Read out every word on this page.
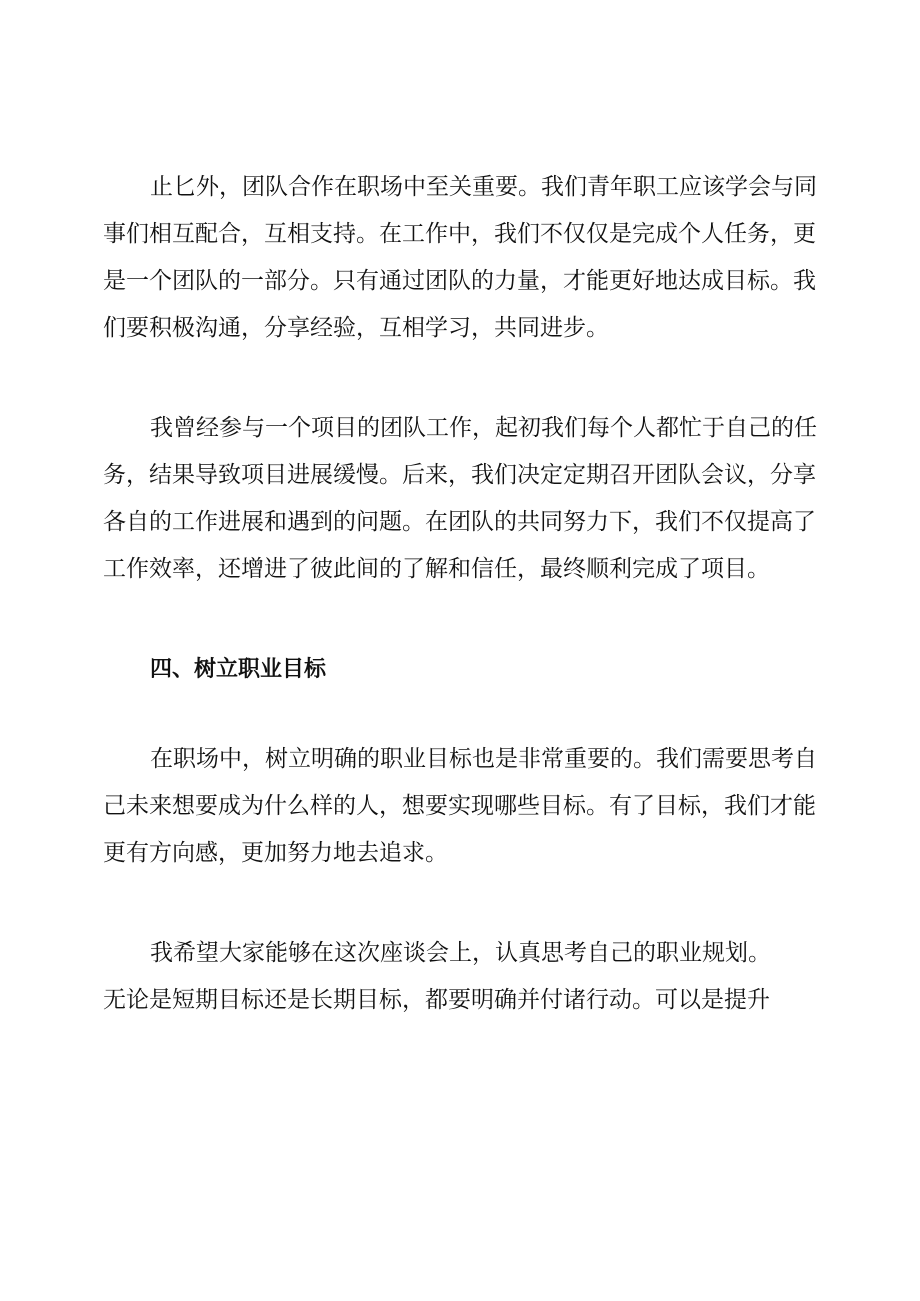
止匕外，团队合作在职场中至关重要。我们青年职工应该学会与同
事们相互配合，互相支持。在工作中，我们不仅仅是完成个人任务，更
是一个团队的一部分。只有通过团队的力量，才能更好地达成目标。我
们要积极沟通，分享经验，互相学习，共同进步。
我曾经参与一个项目的团队工作，起初我们每个人都忙于自己的任
务，结果导致项目进展缓慢。后来，我们决定定期召开团队会议，分享
各自的工作进展和遇到的问题。在团队的共同努力下，我们不仅提高了
工作效率，还增进了彼此间的了解和信任，最终顺利完成了项目。
四、树立职业目标
在职场中，树立明确的职业目标也是非常重要的。我们需要思考自
己未来想要成为什么样的人，想要实现哪些目标。有了目标，我们才能
更有方向感，更加努力地去追求。
我希望大家能够在这次座谈会上，认真思考自己的职业规划。
无论是短期目标还是长期目标，都要明确并付诸行动。可以是提升
